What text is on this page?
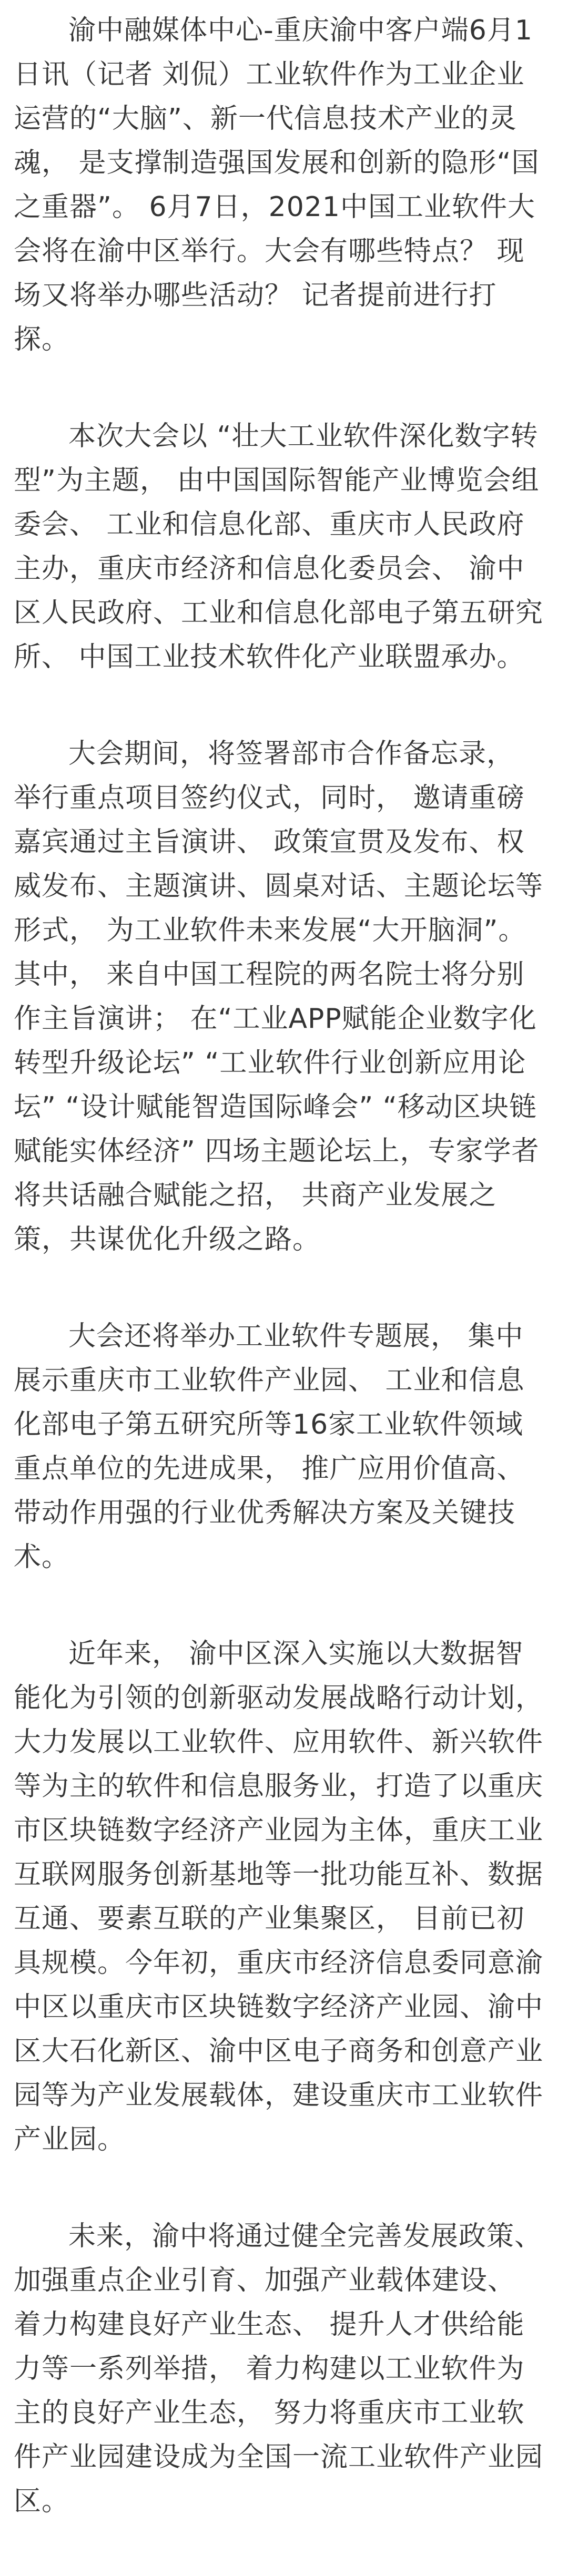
渝中融媒体中心-重庆渝中客户端6月1日讯（记者 刘侃）工业软件作为工业企业运营的“大脑”、新一代信息技术产业的灵魂， 是支撑制造强国发展和创新的隐形“国之重器”。 6月7日，2021中国工业软件大会将在渝中区举行。大会有哪些特点？ 现场又将举办哪些活动？ 记者提前进行打探。

本次大会以 “壮大工业软件深化数字转型”为主题， 由中国国际智能产业博览会组委会、 工业和信息化部、重庆市人民政府主办，重庆市经济和信息化委员会、 渝中区人民政府、工业和信息化部电子第五研究所、 中国工业技术软件化产业联盟承办。

大会期间，将签署部市合作备忘录， 举行重点项目签约仪式，同时， 邀请重磅嘉宾通过主旨演讲、 政策宣贯及发布、权威发布、主题演讲、圆桌对话、主题论坛等形式， 为工业软件未来发展“大开脑洞”。其中， 来自中国工程院的两名院士将分别作主旨演讲； 在“工业APP赋能企业数字化转型升级论坛” “工业软件行业创新应用论坛” “设计赋能智造国际峰会” “移动区块链赋能实体经济” 四场主题论坛上，专家学者将共话融合赋能之招， 共商产业发展之策，共谋优化升级之路。

大会还将举办工业软件专题展， 集中展示重庆市工业软件产业园、 工业和信息化部电子第五研究所等16家工业软件领域重点单位的先进成果， 推广应用价值高、带动作用强的行业优秀解决方案及关键技术。

近年来， 渝中区深入实施以大数据智能化为引领的创新驱动发展战略行动计划，大力发展以工业软件、应用软件、新兴软件等为主的软件和信息服务业，打造了以重庆市区块链数字经济产业园为主体，重庆工业互联网服务创新基地等一批功能互补、数据互通、要素互联的产业集聚区， 目前已初具规模。今年初，重庆市经济信息委同意渝中区以重庆市区块链数字经济产业园、渝中区大石化新区、渝中区电子商务和创意产业园等为产业发展载体，建设重庆市工业软件产业园。

未来，渝中将通过健全完善发展政策、加强重点企业引育、加强产业载体建设、 着力构建良好产业生态、 提升人才供给能力等一系列举措， 着力构建以工业软件为主的良好产业生态， 努力将重庆市工业软件产业园建设成为全国一流工业软件产业园区。
